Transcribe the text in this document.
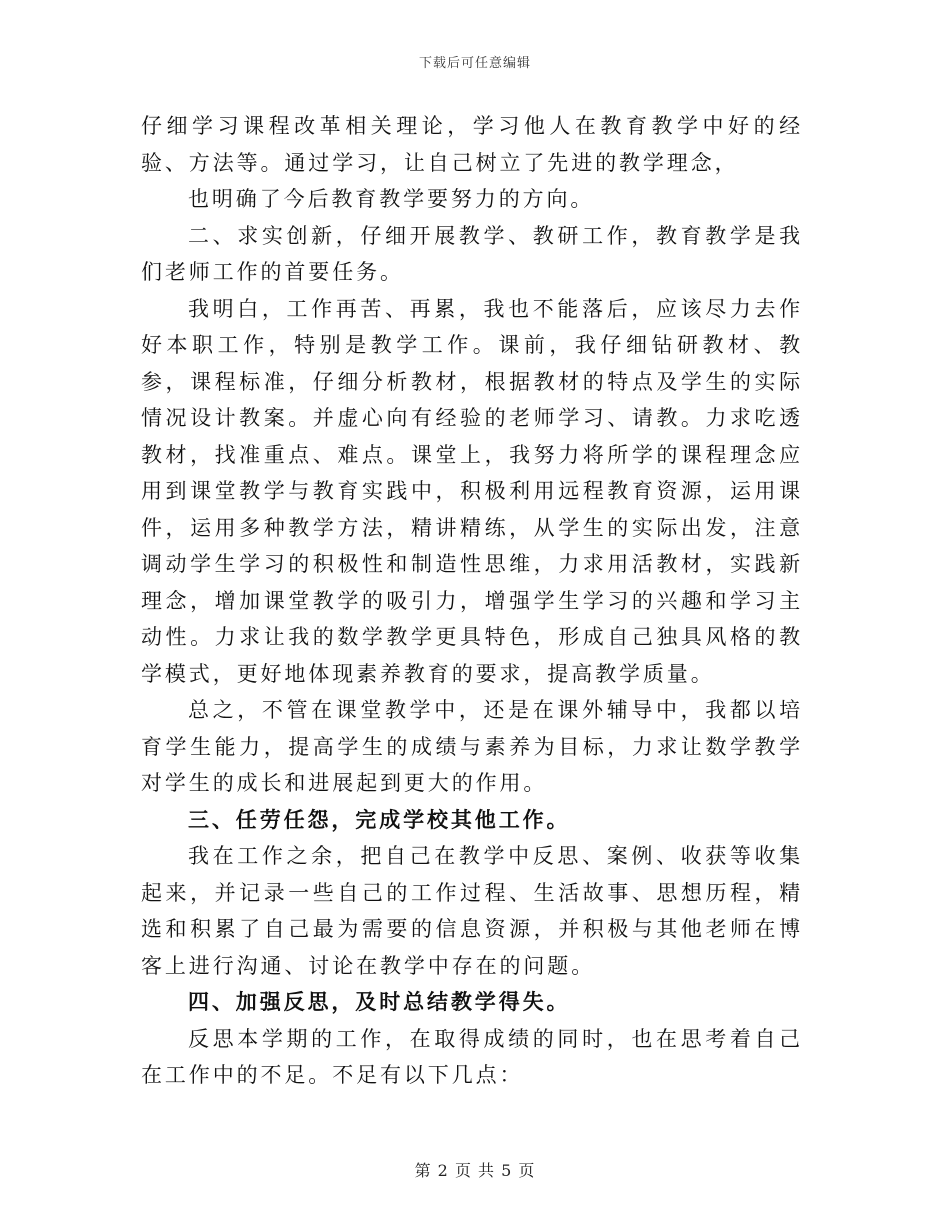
下载后可任意编辑

仔细学习课程改革相关理论，学习他人在教育教学中好的经验、方法等。通过学习，让自己树立了先进的教学理念，

也明确了今后教育教学要努力的方向。

二、求实创新，仔细开展教学、教研工作，教育教学是我们老师工作的首要任务。

我明白，工作再苦、再累，我也不能落后，应该尽力去作好本职工作，特别是教学工作。课前，我仔细钻研教材、教参，课程标准，仔细分析教材，根据教材的特点及学生的实际情况设计教案。并虚心向有经验的老师学习、请教。力求吃透教材，找准重点、难点。课堂上，我努力将所学的课程理念应用到课堂教学与教育实践中，积极利用远程教育资源，运用课件，运用多种教学方法，精讲精练，从学生的实际出发，注意调动学生学习的积极性和制造性思维，力求用活教材，实践新理念，增加课堂教学的吸引力，增强学生学习的兴趣和学习主动性。力求让我的数学教学更具特色，形成自己独具风格的教学模式，更好地体现素养教育的要求，提高教学质量。

总之，不管在课堂教学中，还是在课外辅导中，我都以培育学生能力，提高学生的成绩与素养为目标，力求让数学教学对学生的成长和进展起到更大的作用。

三、任劳任怨，完成学校其他工作。

我在工作之余，把自己在教学中反思、案例、收获等收集起来，并记录一些自己的工作过程、生活故事、思想历程，精选和积累了自己最为需要的信息资源，并积极与其他老师在博客上进行沟通、讨论在教学中存在的问题。

四、加强反思，及时总结教学得失。

反思本学期的工作，在取得成绩的同时，也在思考着自己在工作中的不足。不足有以下几点：

第 2 页 共 5 页
